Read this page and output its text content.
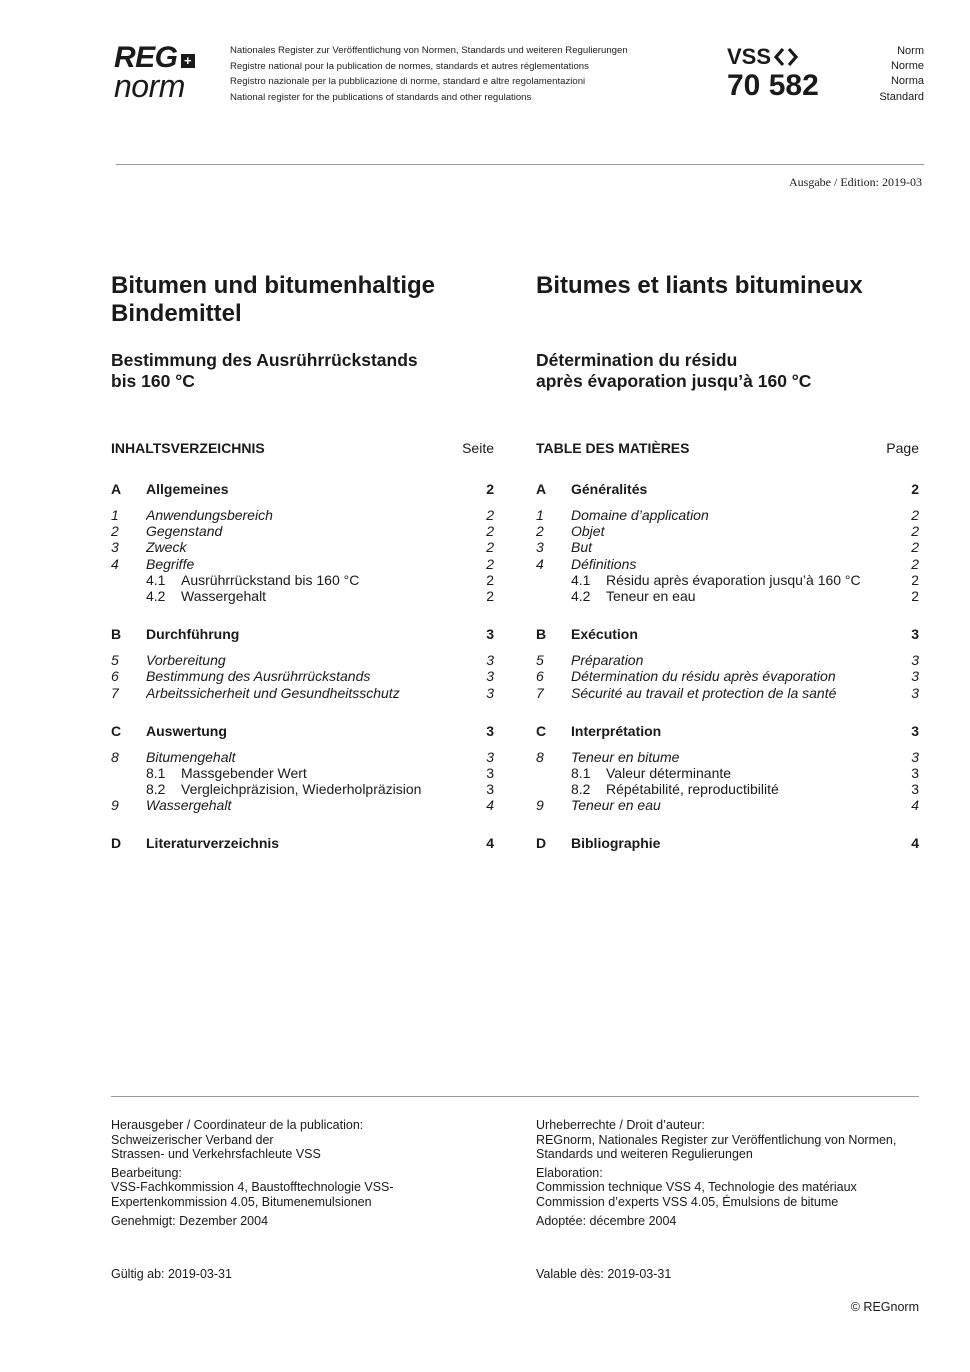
REG +
norm
Nationales Register zur Veröffentlichung von Normen, Standards und weiteren Regulierungen
Registre national pour la publication de normes, standards et autres réglementations
Registro nazionale per la pubblicazione di norme, standard e altre regolamentazioni
National register for the publications of standards and other regulations
VSS
70 582
Norm
Norme
Norma
Standard
Ausgabe / Edition: 2019-03
Bitumen und bitumenhaltige Bindemittel
Bitumes et liants bitumineux
Bestimmung des Ausrührrückstands
bis 160 °C
Détermination du résidu
après évaporation jusqu’à 160 °C
INHALTSVERZEICHNIS	Seite
A	Allgemeines	2
1	Anwendungsbereich	2
2	Gegenstand	2
3	Zweck	2
4	Begriffe	2
4.1	Ausrührrückstand bis 160 °C	2
4.2	Wassergehalt	2
B	Durchführung	3
5	Vorbereitung	3
6	Bestimmung des Ausrührrückstands	3
7	Arbeitssicherheit und Gesundheitsschutz	3
C	Auswertung	3
8	Bitumengehalt	3
8.1	Massgebender Wert	3
8.2	Vergleichpräzision, Wiederholpräzision	3
9	Wassergehalt	4
D	Literaturverzeichnis	4
TABLE DES MATIÈRES	Page
A	Généralités	2
1	Domaine d’application	2
2	Objet	2
3	But	2
4	Définitions	2
4.1	Résidu après évaporation jusqu’à 160 °C	2
4.2	Teneur en eau	2
B	Exécution	3
5	Préparation	3
6	Détermination du résidu après évaporation	3
7	Sécurité au travail et protection de la santé	3
C	Interprétation	3
8	Teneur en bitume	3
8.1	Valeur déterminante	3
8.2	Répétabilité, reproductibilité	3
9	Teneur en eau	4
D	Bibliographie	4
Herausgeber / Coordinateur de la publication:
Schweizerischer Verband der
Strassen- und Verkehrsfachleute VSS
Bearbeitung:
VSS-Fachkommission 4, Baustofftechnologie VSS-
Expertenkommission 4.05, Bitumenemulsionen
Genehmigt: Dezember 2004
Urheberrechte / Droit d’auteur:
REGnorm, Nationales Register zur Veröffentlichung von Normen,
Standards und weiteren Regulierungen
Elaboration:
Commission technique VSS 4, Technologie des matériaux
Commission d’experts VSS 4.05, Émulsions de bitume
Adoptée: décembre 2004
Gültig ab: 2019-03-31	Valable dès: 2019-03-31
© REGnorm
